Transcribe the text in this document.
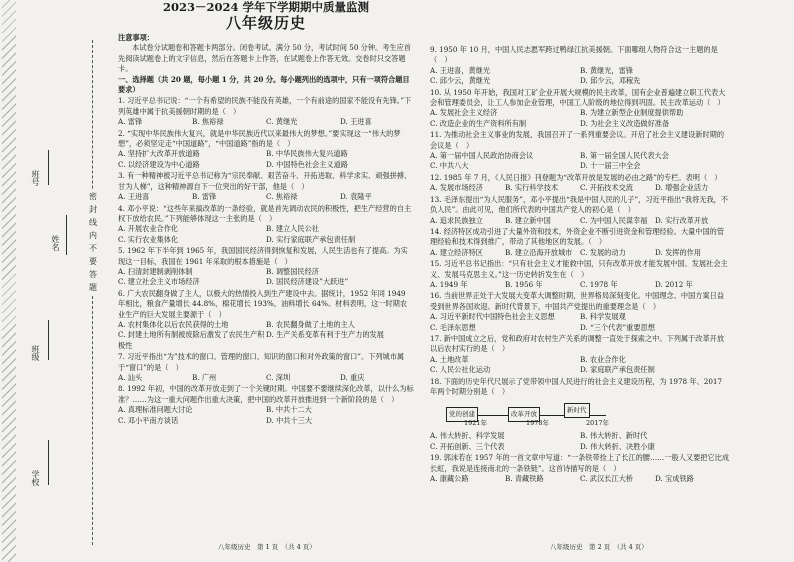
密 封 线 内 不 要 答 题
班号
姓名
班级
学校

2023－2024 学年下学期期中质量监测

八年级历史

注意事项：

本试卷分试题卷和答题卡两部分。闭卷考试。满分 50 分，考试时间 50 分钟。考生应首先阅读试题卷上的文字信息，然后在答题卡上作答，在试题卷上作答无效。交卷时只交答题卡。

一、选择题（共 20 题，每小题 1 分，共 20 分。每小题列出的选项中，只有一项符合题目要求）

1. 习近平总书记说：“一个有希望的民族不能没有英雄，一个有前途的国家不能没有先锋。”下列英雄中属于抗美援朝时期的是（　）

A. 雷锋	B. 焦裕禄	C. 黄继光	D. 王进喜

2. “实现中华民族伟大复兴，就是中华民族近代以来最伟大的梦想。”要实现这一“伟大的梦想”，必须坚定走“中国道路”，“中国道路”指的是（　）

A. 坚持扩大改革开放道路	B. 中华民族伟大复兴道路
C. 以经济建设为中心道路	D. 中国特色社会主义道路

3. 有一种精神被习近平总书记称为“宗民奉献、艰苦奋斗、开拓进取、科学求实、顽强拼搏、甘为人梯”，这种精神源自下一位突出的好干部，他是（　）

A. 王进喜	B. 雷锋	C. 焦裕禄	D. 袁隆平

4. 邓小平说：“这些年来搞改革的一条经验，就是首先调动农民的积极性，把生产经营的自主权下放给农民。”下列能够体现这一主张的是（　）

A. 开展农业合作化	B. 建立人民公社
C. 实行农业集体化	D. 实行家庭联产承包责任制

5. 1962 年下半年到 1965 年，我国国民经济得到恢复和发展，人民生活也有了提高。为实现这一目标，我国在 1961 年采取的根本措施是（　）

A. 扫清封建制剥削体制	B. 调整国民经济
C. 建立社会主义市场经济	D. 国民经济建设”大跃进”

6. 广大农民翻身做了主人，以极大的热情投入到生产建设中去。据统计，1952 年同 1949 年相比，粮食产量增长 44.8%，棉花增长 193%，油料增长 64%。材料表明，这一时期农业生产的巨大发展主要源于（　）

A. 农村集体化以后农民获得的土地	B. 农民翻身做了土地的主人
C. 封建土地所有制被废除后激发了农民生产积极性
D. 生产关系变革有利于生产力的发展

7. 习近平指出“为”技术的窗口、管理的窗口、知识的窗口和对外政策的窗口”。下列城市属于“窗口”的是（　）

A. 汕头	B. 广州	C. 深圳	D. 重庆

8. 1992 年初，中国的改革开放走到了一个关键时期。中国要不要继续深化改革，以什么为标准？……为这一重大问题作出重大决策，把中国的改革开放推进到一个新阶段的是（　）

A. 真理标准问题大讨论	B. 中共十二大
C. 邓小平南方谈话	D. 中共十三大
八年级历史　第 1 页　（共 4 页）

9. 1950 年 10 月，中国人民志愿军跨过鸭绿江抗美援朝。下面哪组人物符合这一主题的是（　）

A. 王进喜，黄继光	B. 黄继光，雷锋
C. 邱少云，黄继光	D. 邱少云，邓稼先

10. 从 1950 年开始，我国对工矿企业开展大规模的民主改革，国有企业普遍建立职工代表大会和管理委员会，让工人参加企业管理，中国工人阶级的地位得到巩固。民主改革运动（　）

A. 发展社会主义经济	B. 为建立新型企业制度提供帮助
C. 改造企业的生产资料所有制	D. 为社会主义改造做好准备

11. 为推动社会主义事业的发展，我国召开了一系列重要会议。开启了社会主义建设新时期的会议是（　）

A. 第一届中国人民政治协商会议	B. 第一届全国人民代表大会
C. 中共八大	D. 十一届三中全会

12. 1985 年 7 月，《人民日报》刊登题为“改革开放是发展的必由之路”的专栏。表明（　）

A. 发展市场经济	B. 实行科学技术	C. 开拓技术交流	D. 增强企业活力

13. 毛泽东提出“为人民服务”，邓小平提出“我是中国人民的儿子”，习近平指出“我将无我，不负人民”。由此可见，他们所代表的中国共产党人的初心是（　）

A. 追求民族独立	B. 建立新中国	C. 为中国人民谋幸福	D. 实行改革开放

14. 经济特区成功引进了大量外资和技术，外资企业不断引进资金和管理经验。大量中国的管理经验和技术得到推广，带动了其他地区的发展。（　）

A. 建立经济特区	B. 建立沿海开放城市	C. 发展的动力	D. 发挥的作用

15. 习近平总书记指出：“只有社会主义才能救中国，只有改革开放才能发展中国、发展社会主义、发展马克思主义。”这一历史转折发生在（　）

A. 1949 年	B. 1956 年	C. 1978 年	D. 2012 年

16. 当前世界正处于大发展大变革大调整时期，世界格局深刻变化。中国理念、中国方案日益受到世界各国欢迎。新时代背景下，中国共产党提出的重要理念是（　）

A. 习近平新时代中国特色社会主义思想	B. 科学发展观
C. 毛泽东思想	D. “三个代表”重要思想

17. 新中国成立之后，党和政府对农村生产关系的调整一直处于探索之中。下列属于改革开放以后农村实行的是（　）

A. 土地改革	B. 农业合作化
C. 人民公社化运动	D. 家庭联产承包责任制

18. 下面的历史年代尺展示了党带领中国人民进行的社会主义建设历程，为 1978 年、2017 年两个时期分别是（　）

党的创建	改革开放	新时代
1921年	1978年	2017年
A. 伟大转折、科学发展	B. 伟大转折、新时代
C. 开拓创新、三个代表	D. 伟大转折、决胜小康

19. 郭沫若在 1957 年的一首文章中写道：“一条铁带拴上了长江的腰……一般人又要把它比成长虹，我说是连接南北的一条铁链”。这首诗描写的是（　）

A. 康藏公路	B. 青藏铁路	C. 武汉长江大桥	D. 宝成铁路
八年级历史　第 2 页　（共 4 页）
